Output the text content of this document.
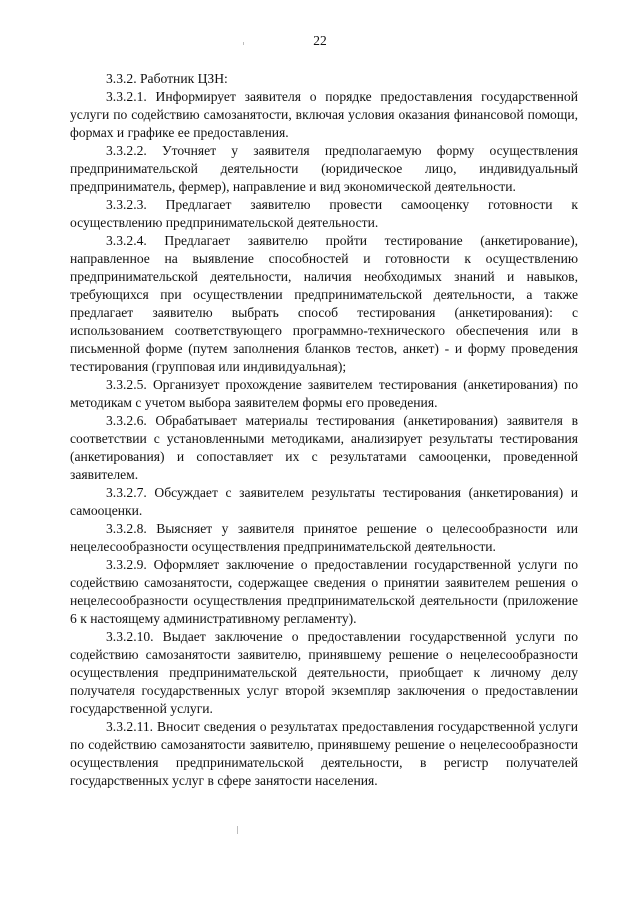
22

3.3.2. Работник ЦЗН:

3.3.2.1. Информирует заявителя о порядке предоставления государственной услуги по содействию самозанятости, включая условия оказания финансовой помощи, формах и графике ее предоставления.

3.3.2.2. Уточняет у заявителя предполагаемую форму осуществления предпринимательской деятельности (юридическое лицо, индивидуальный предприниматель, фермер), направление и вид экономической деятельности.

3.3.2.3. Предлагает заявителю провести самооценку готовности к осуществлению предпринимательской деятельности.

3.3.2.4. Предлагает заявителю пройти тестирование (анкетирование), направленное на выявление способностей и готовности к осуществлению предпринимательской деятельности, наличия необходимых знаний и навыков, требующихся при осуществлении предпринимательской деятельности, а также предлагает заявителю выбрать способ тестирования (анкетирования): с использованием соответствующего программно-технического обеспечения или в письменной форме (путем заполнения бланков тестов, анкет) - и форму проведения тестирования (групповая или индивидуальная);

3.3.2.5. Организует прохождение заявителем тестирования (анкетирования) по методикам с учетом выбора заявителем формы его проведения.

3.3.2.6. Обрабатывает материалы тестирования (анкетирования) заявителя в соответствии с установленными методиками, анализирует результаты тестирования (анкетирования) и сопоставляет их с результатами самооценки, проведенной заявителем.

3.3.2.7. Обсуждает с заявителем результаты тестирования (анкетирования) и самооценки.

3.3.2.8. Выясняет у заявителя принятое решение о целесообразности или нецелесообразности осуществления предпринимательской деятельности.

3.3.2.9. Оформляет заключение о предоставлении государственной услуги по содействию самозанятости, содержащее сведения о принятии заявителем решения о нецелесообразности осуществления предпринимательской деятельности (приложение 6 к настоящему административному регламенту).

3.3.2.10. Выдает заключение о предоставлении государственной услуги по содействию самозанятости заявителю, принявшему решение о нецелесообразности осуществления предпринимательской деятельности, приобщает к личному делу получателя государственных услуг второй экземпляр заключения о предоставлении государственной услуги.

3.3.2.11. Вносит сведения о результатах предоставления государственной услуги по содействию самозанятости заявителю, принявшему решение о нецелесообразности осуществления предпринимательской деятельности, в регистр получателей государственных услуг в сфере занятости населения.
